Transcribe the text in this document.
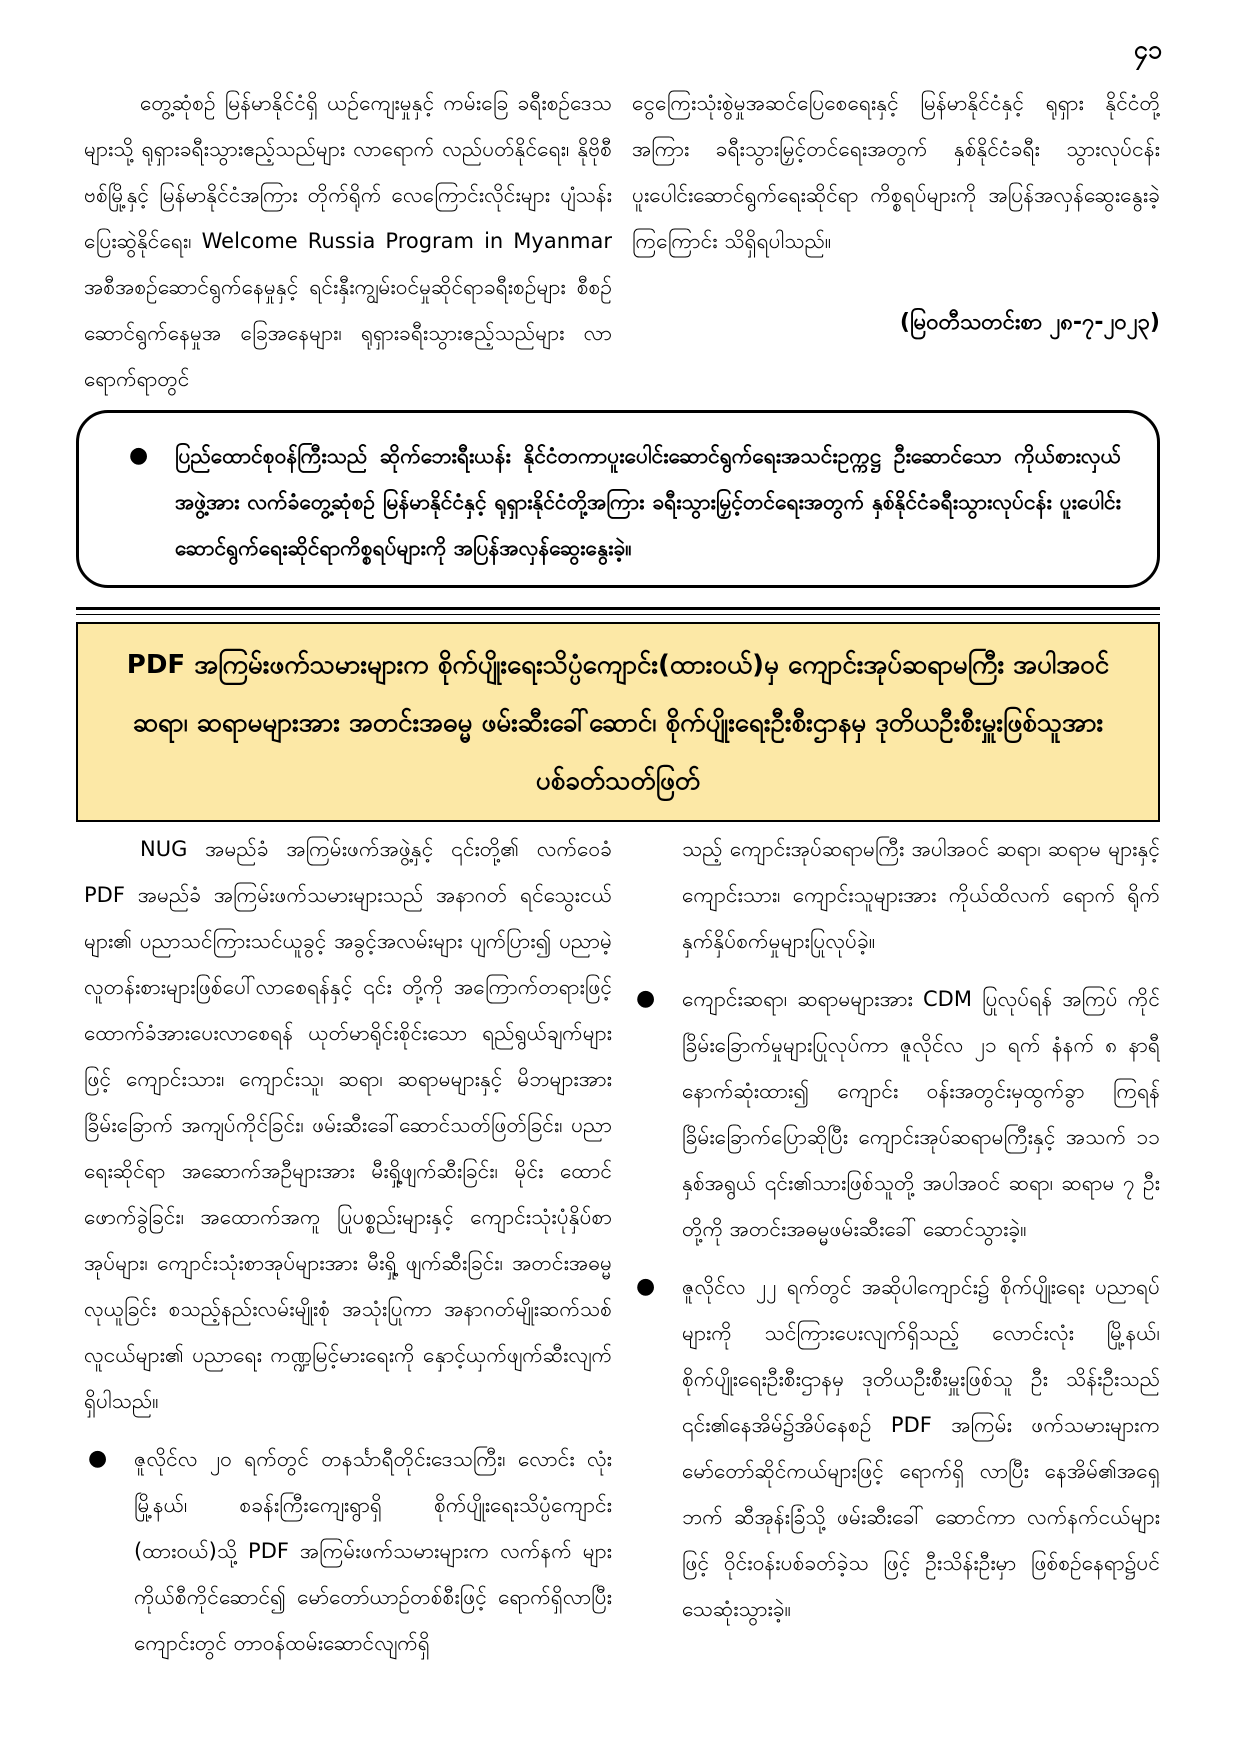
၄၁

တွေ့ဆုံစဉ် မြန်မာနိုင်ငံရှိ ယဉ်ကျေးမှုနှင့် ကမ်းခြေ ခရီးစဉ်ဒေသများသို့ ရုရှားခရီးသွားဧည့်သည်များ လာရောက် လည်ပတ်နိုင်ရေး၊ နိုဗိုစီဗစ်မြို့နှင့် မြန်မာနိုင်ငံအကြား တိုက်ရိုက် လေကြောင်းလိုင်းများ ပျံသန်းပြေးဆွဲနိုင်ရေး၊ Welcome Russia Program in Myanmar အစီအစဉ်ဆောင်ရွက်နေမှုနှင့် ရင်းနှီးကျွမ်းဝင်မှုဆိုင်ရာခရီးစဉ်များ စီစဉ်ဆောင်ရွက်နေမှုအ ခြေအနေများ၊ ရုရှားခရီးသွားဧည့်သည်များ လာရောက်ရာတွင်

ငွေကြေးသုံးစွဲမှုအဆင်ပြေစေရေးနှင့် မြန်မာနိုင်ငံနှင့် ရုရှား နိုင်ငံတို့အကြား ခရီးသွားမြှင့်တင်ရေးအတွက် နှစ်နိုင်ငံခရီး သွားလုပ်ငန်း ပူးပေါင်းဆောင်ရွက်ရေးဆိုင်ရာ ကိစ္စရပ်များကို အပြန်အလှန်ဆွေးနွေးခဲ့ကြကြောင်း သိရှိရပါသည်။

(မြဝတီသတင်းစာ ၂၈-၇-၂၀၂၃)
● ပြည်ထောင်စုဝန်ကြီးသည် ဆိုက်ဘေးရီးယန်း နိုင်ငံတကာပူးပေါင်းဆောင်ရွက်ရေးအသင်းဥက္ကဋ္ဌ ဦးဆောင်သော ကိုယ်စားလှယ်အဖွဲ့အား လက်ခံတွေ့ဆုံစဉ် မြန်မာနိုင်ငံနှင့် ရုရှားနိုင်ငံတို့အကြား ခရီးသွားမြှင့်တင်ရေးအတွက် နှစ်နိုင်ငံခရီးသွားလုပ်ငန်း ပူးပေါင်းဆောင်ရွက်ရေးဆိုင်ရာကိစ္စရပ်များကို အပြန်အလှန်ဆွေးနွေးခဲ့။
PDF အကြမ်းဖက်သမားများက စိုက်ပျိုးရေးသိပ္ပံကျောင်း(ထားဝယ်)မှ ကျောင်းအုပ်ဆရာမကြီး အပါအဝင် ဆရာ၊ ဆရာမများအား အတင်းအဓမ္မ ဖမ်းဆီးခေါ်ဆောင်၊ စိုက်ပျိုးရေးဦးစီးဌာနမှ ဒုတိယဦးစီးမှူးဖြစ်သူအား ပစ်ခတ်သတ်ဖြတ်

NUG အမည်ခံ အကြမ်းဖက်အဖွဲ့နှင့် ၎င်းတို့၏ လက်ဝေခံ PDF အမည်ခံ အကြမ်းဖက်သမားများသည် အနာဂတ် ရင်သွေးငယ်များ၏ ပညာသင်ကြားသင်ယူခွင့် အခွင့်အလမ်းများ ပျက်ပြား၍ ပညာမဲ့လူတန်းစားများဖြစ်ပေါ်လာစေရန်နှင့် ၎င်း တို့ကို အကြောက်တရားဖြင့် ထောက်ခံအားပေးလာစေရန် ယုတ်မာရိုင်းစိုင်းသော ရည်ရွယ်ချက်များဖြင့် ကျောင်းသား၊ ကျောင်းသူ၊ ဆရာ၊ ဆရာမများနှင့် မိဘများအား ခြိမ်းခြောက် အကျပ်ကိုင်ခြင်း၊ ဖမ်းဆီးခေါ်ဆောင်သတ်ဖြတ်ခြင်း၊ ပညာ ရေးဆိုင်ရာ အဆောက်အဦများအား မီးရှို့ဖျက်ဆီးခြင်း၊ မိုင်း ထောင်ဖောက်ခွဲခြင်း၊ အထောက်အကူ ပြုပစ္စည်းများနှင့် ကျောင်းသုံးပုံနှိပ်စာအုပ်များ၊ ကျောင်းသုံးစာအုပ်များအား မီးရှို့ ဖျက်ဆီးခြင်း၊ အတင်းအဓမ္မလုယူခြင်း စသည့်နည်းလမ်းမျိုးစုံ အသုံးပြုကာ အနာဂတ်မျိုးဆက်သစ်လူငယ်များ၏ ပညာရေး ကဏ္ဍမြင့်မားရေးကို နှောင့်ယှက်ဖျက်ဆီးလျက် ရှိပါသည်။

● ဇူလိုင်လ ၂၀ ရက်တွင် တနင်္သာရီတိုင်းဒေသကြီး၊ လောင်း လုံးမြို့နယ်၊ စခန်းကြီးကျေးရွာရှိ စိုက်ပျိုးရေးသိပ္ပံကျောင်း (ထားဝယ်)သို့ PDF အကြမ်းဖက်သမားများက လက်နက် များကိုယ်စီကိုင်ဆောင်၍ မော်တော်ယာဉ်တစ်စီးဖြင့် ရောက်ရှိလာပြီး ကျောင်းတွင် တာဝန်ထမ်းဆောင်လျက်ရှိ

သည့် ကျောင်းအုပ်ဆရာမကြီး အပါအဝင် ဆရာ၊ ဆရာမ များနှင့် ကျောင်းသား၊ ကျောင်းသူများအား ကိုယ်ထိလက် ရောက် ရိုက်နှက်နှိပ်စက်မှုများပြုလုပ်ခဲ့။

● ကျောင်းဆရာ၊ ဆရာမများအား CDM ပြုလုပ်ရန် အကြပ် ကိုင်ခြိမ်းခြောက်မှုများပြုလုပ်ကာ ဇူလိုင်လ ၂၁ ရက် နံနက် ၈ နာရီ နောက်ဆုံးထား၍ ကျောင်း ဝန်းအတွင်းမှထွက်ခွာ ကြရန် ခြိမ်းခြောက်ပြောဆိုပြီး ကျောင်းအုပ်ဆရာမကြီးနှင့် အသက် ၁၁ နှစ်အရွယ် ၎င်း၏သားဖြစ်သူတို့ အပါအဝင် ဆရာ၊ ဆရာမ ၇ ဦး တို့ကို အတင်းအဓမ္မဖမ်းဆီးခေါ် ဆောင်သွားခဲ့။

● ဇူလိုင်လ ၂၂ ရက်တွင် အဆိုပါကျောင်း၌ စိုက်ပျိုးရေး ပညာရပ်များကို သင်ကြားပေးလျက်ရှိသည့် လောင်းလုံး မြို့နယ်၊ စိုက်ပျိုးရေးဦးစီးဌာနမှ ဒုတိယဦးစီးမှူးဖြစ်သူ ဦး သိန်းဦးသည် ၎င်း၏နေအိမ်၌အိပ်နေစဉ် PDF အကြမ်း ဖက်သမားများက မော်တော်ဆိုင်ကယ်များဖြင့် ရောက်ရှိ လာပြီး နေအိမ်၏အရှေ့ဘက် ဆီအုန်းခြံသို့ ဖမ်းဆီးခေါ် ဆောင်ကာ လက်နက်ငယ်များဖြင့် ဝိုင်းဝန်းပစ်ခတ်ခဲ့သ ဖြင့် ဦးသိန်းဦးမှာ ဖြစ်စဉ်နေရာ၌ပင် သေဆုံးသွားခဲ့။
